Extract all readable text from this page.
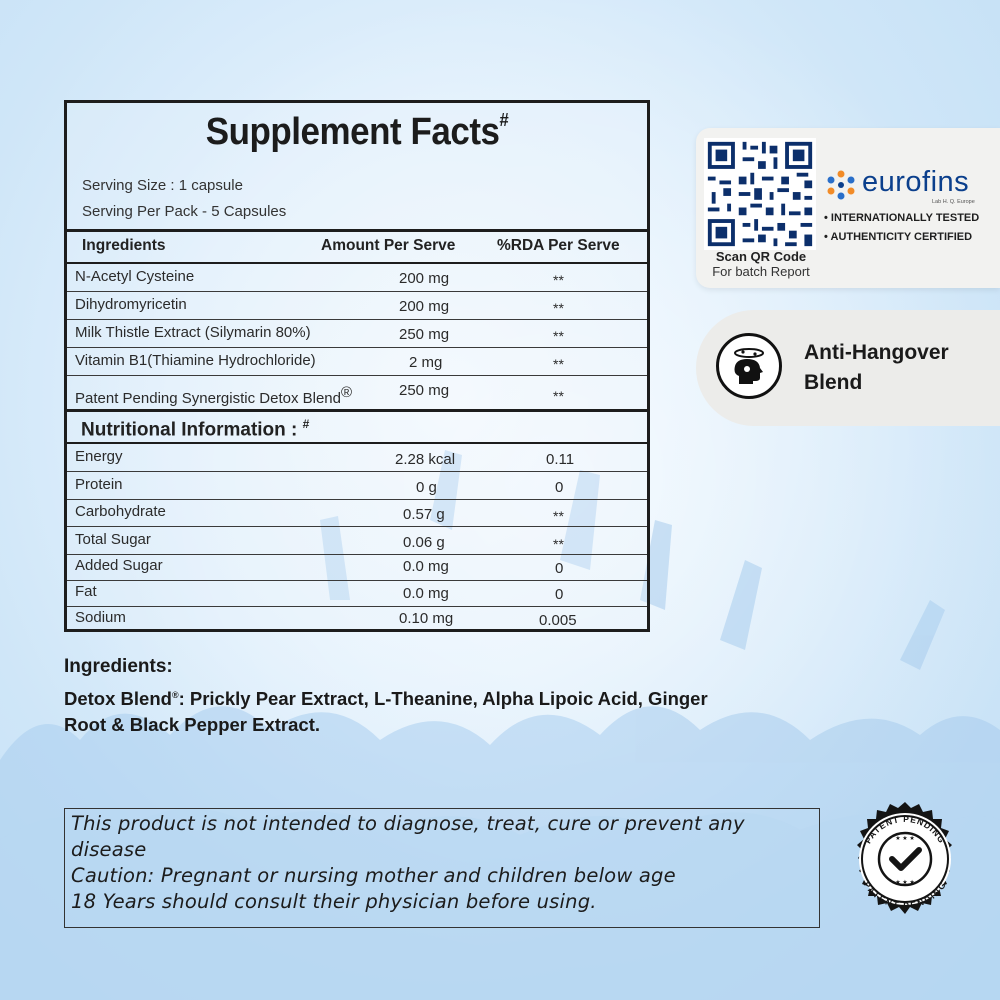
Supplement Facts#
Serving Size : 1 capsule
Serving Per Pack - 5 Capsules
Ingredients	Amount Per Serve	%RDA Per Serve
N-Acetyl Cysteine	200 mg	**
Dihydromyricetin	200 mg	**
Milk Thistle Extract (Silymarin 80%)	250 mg	**
Vitamin B1(Thiamine Hydrochloride)	2 mg	**
Patent Pending Synergistic Detox Blend®	250 mg	**
Nutritional Information : #
Energy	2.28 kcal	0.11
Protein	0 g	0
Carbohydrate	0.57 g	**
Total Sugar	0.06 g	**
Added Sugar	0.0 mg	0
Fat	0.0 mg	0
Sodium	0.10 mg	0.005
Ingredients:
Detox Blend®: Prickly Pear Extract, L-Theanine, Alpha Lipoic Acid, Ginger Root & Black Pepper Extract.
This product is not intended to diagnose, treat, cure or prevent any
disease
Caution: Pregnant or nursing mother and children below age
18 Years should consult their physician before using.
Scan QR Code
For batch Report
eurofins
Lab H. Q. Europe
• INTERNATIONALLY TESTED
• AUTHENTICITY CERTIFIED
Anti-Hangover
Blend
PATENT PENDING
PATENT PENDING
★ ★ ★
★ ★ ★
